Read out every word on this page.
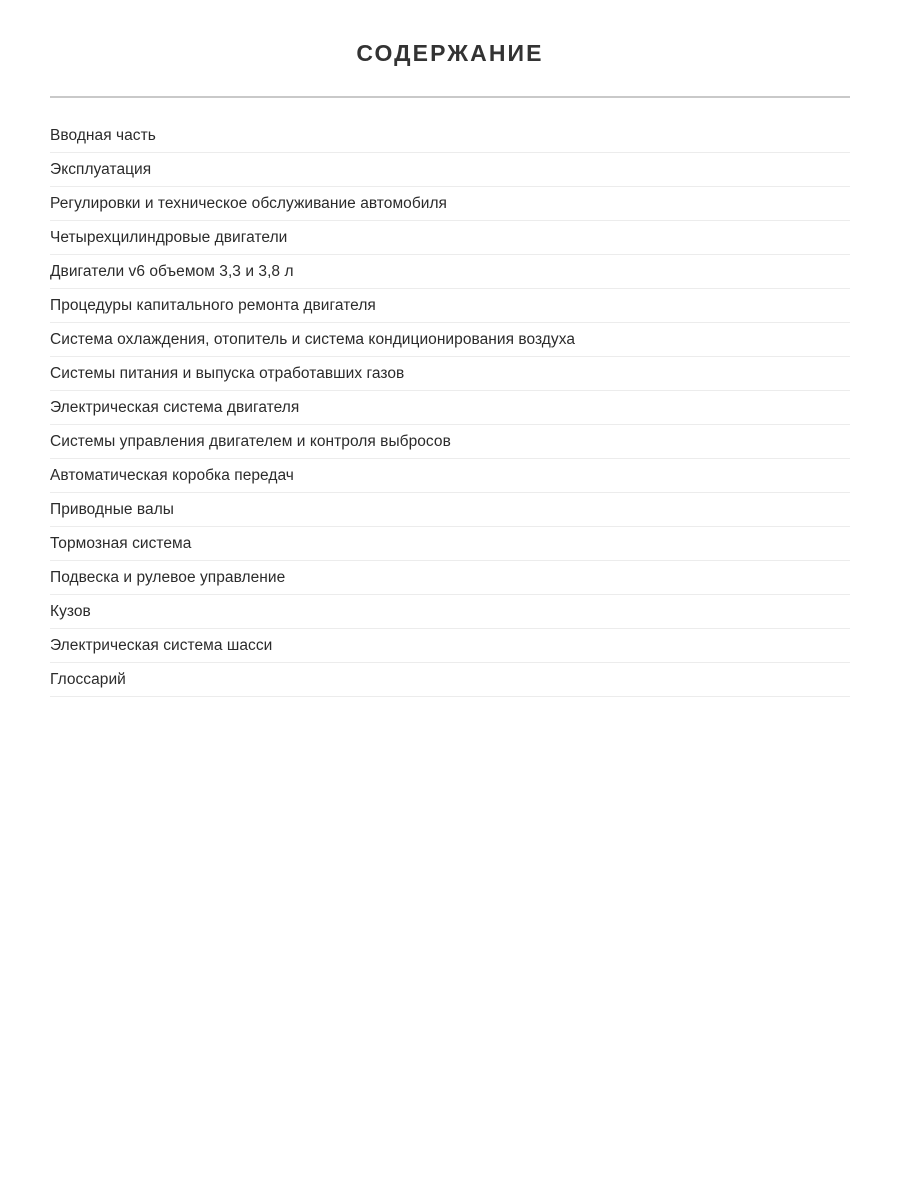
СОДЕРЖАНИЕ
Вводная часть
Эксплуатация
Регулировки и техническое обслуживание автомобиля
Четырехцилиндровые двигатели
Двигатели v6 объемом 3,3 и 3,8 л
Процедуры капитального ремонта двигателя
Система охлаждения, отопитель и система кондиционирования воздуха
Системы питания и выпуска отработавших газов
Электрическая система двигателя
Системы управления двигателем и контроля выбросов
Автоматическая коробка передач
Приводные валы
Тормозная система
Подвеска и рулевое управление
Кузов
Электрическая система шасси
Глоссарий
